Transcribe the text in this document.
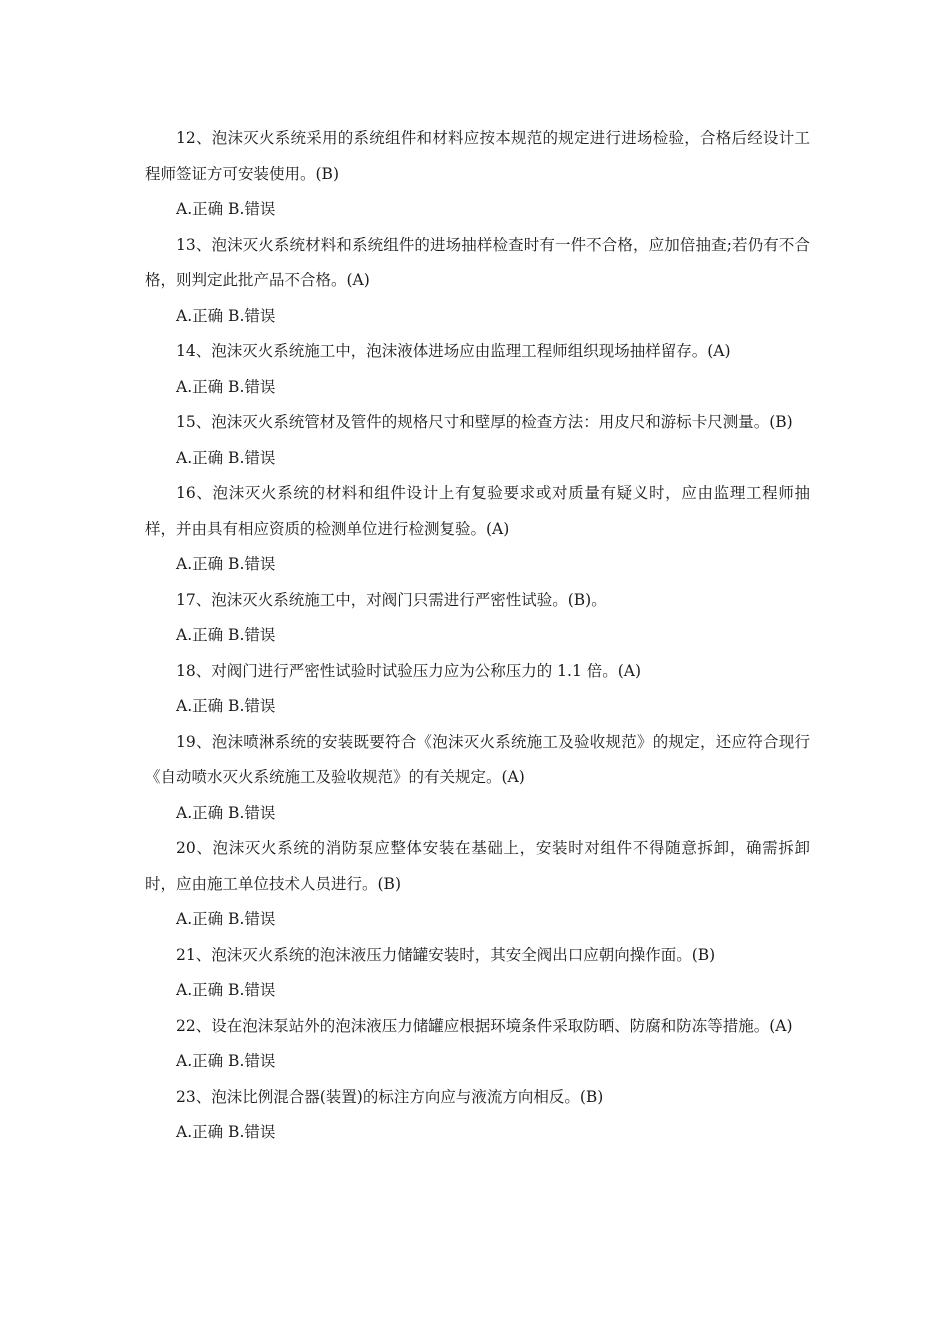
12、泡沫灭火系统采用的系统组件和材料应按本规范的规定进行进场检验，合格后经设计工程师签证方可安装使用。(B)

A.正确 B.错误

13、泡沫灭火系统材料和系统组件的进场抽样检查时有一件不合格，应加倍抽查;若仍有不合格，则判定此批产品不合格。(A)

A.正确 B.错误

14、泡沫灭火系统施工中，泡沫液体进场应由监理工程师组织现场抽样留存。(A)

A.正确 B.错误

15、泡沫灭火系统管材及管件的规格尺寸和壁厚的检查方法：用皮尺和游标卡尺测量。(B)

A.正确 B.错误

16、泡沫灭火系统的材料和组件设计上有复验要求或对质量有疑义时，应由监理工程师抽样，并由具有相应资质的检测单位进行检测复验。(A)

A.正确 B.错误

17、泡沫灭火系统施工中，对阀门只需进行严密性试验。(B)。

A.正确 B.错误

18、对阀门进行严密性试验时试验压力应为公称压力的 1.1 倍。(A)

A.正确 B.错误

19、泡沫喷淋系统的安装既要符合《泡沫灭火系统施工及验收规范》的规定，还应符合现行《自动喷水灭火系统施工及验收规范》的有关规定。(A)

A.正确 B.错误

20、泡沫灭火系统的消防泵应整体安装在基础上，安装时对组件不得随意拆卸，确需拆卸时，应由施工单位技术人员进行。(B)

A.正确 B.错误

21、泡沫灭火系统的泡沫液压力储罐安装时，其安全阀出口应朝向操作面。(B)

A.正确 B.错误

22、设在泡沫泵站外的泡沫液压力储罐应根据环境条件采取防晒、防腐和防冻等措施。(A)

A.正确 B.错误

23、泡沫比例混合器(装置)的标注方向应与液流方向相反。(B)

A.正确 B.错误
